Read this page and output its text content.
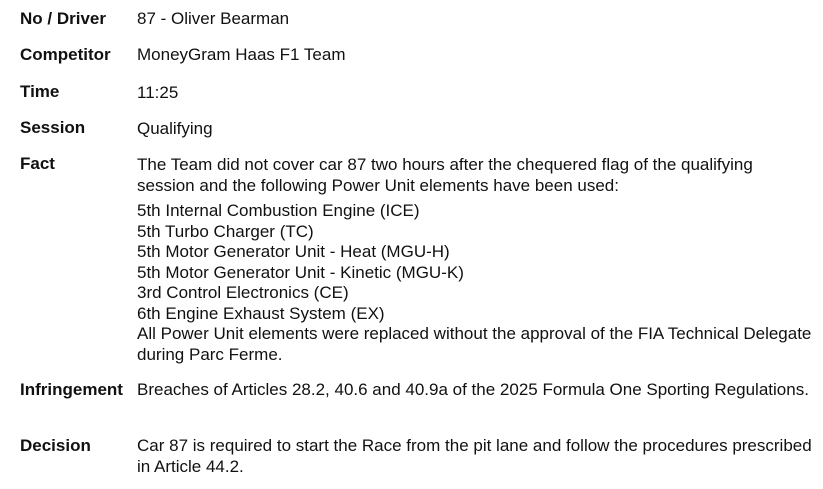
No / Driver 87 - Oliver Bearman
Competitor MoneyGram Haas F1 Team
Time	11:25
Session	Qualifying
Fact	The Team did not cover car 87 two hours after the chequered flag of the qualifying session and the following Power Unit elements have been used:

5th Internal Combustion Engine (ICE)
5th Turbo Charger (TC)
5th Motor Generator Unit - Heat (MGU-H)
5th Motor Generator Unit - Kinetic (MGU-K)
3rd Control Electronics (CE)
6th Engine Exhaust System (EX)

All Power Unit elements were replaced without the approval of the FIA Technical Delegate during Parc Ferme.

Infringement Breaches of Articles 28.2, 40.6 and 40.9a of the 2025 Formula One Sporting Regulations.
Decision	Car 87 is required to start the Race from the pit lane and follow the procedures prescribed in Article 44.2.
